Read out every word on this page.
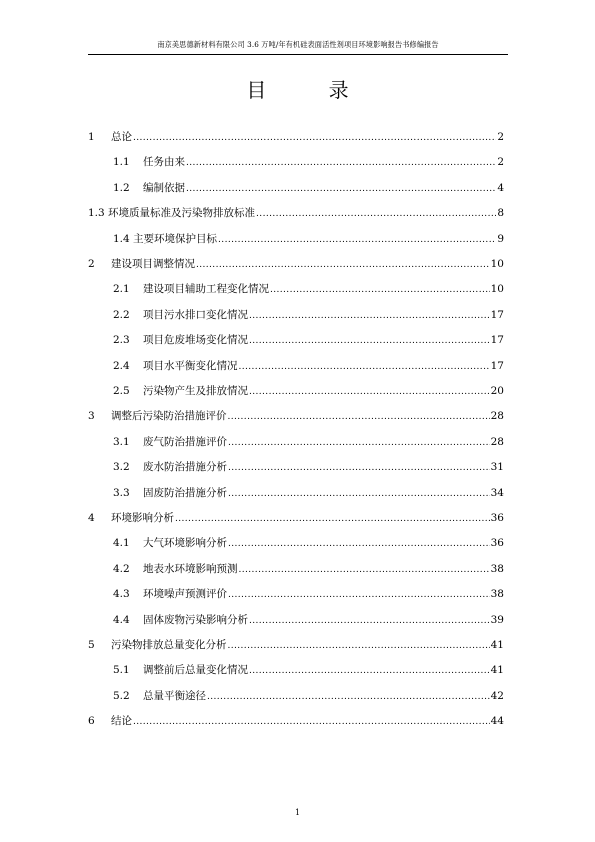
南京美思德新材料有限公司 3.6 万吨/年有机硅表面活性剂项目环境影响报告书修编报告
目 录
1	总论 .....	2
1.1	任务由来 .....	2
1.2	编制依据 .....	4
1.3 环境质量标准及污染物排放标准 .....	8
1.4 主要环境保护目标 .....	9
2	建设项目调整情况 .....	10
2.1	建设项目辅助工程变化情况 .....	10
2.2	项目污水排口变化情况 .....	17
2.3	项目危废堆场变化情况 .....	17
2.4	项目水平衡变化情况 .....	17
2.5	污染物产生及排放情况 .....	20
3	调整后污染防治措施评价 .....	28
3.1	废气防治措施评价 .....	28
3.2	废水防治措施分析 .....	31
3.3	固废防治措施分析 .....	34
4	环境影响分析 .....	36
4.1	大气环境影响分析 .....	36
4.2	地表水环境影响预测 .....	38
4.3	环境噪声预测评价 .....	38
4.4	固体废物污染影响分析 .....	39
5	污染物排放总量变化分析 .....	41
5.1	调整前后总量变化情况 .....	41
5.2	总量平衡途径 .....	42
6	结论 .....	44
1
